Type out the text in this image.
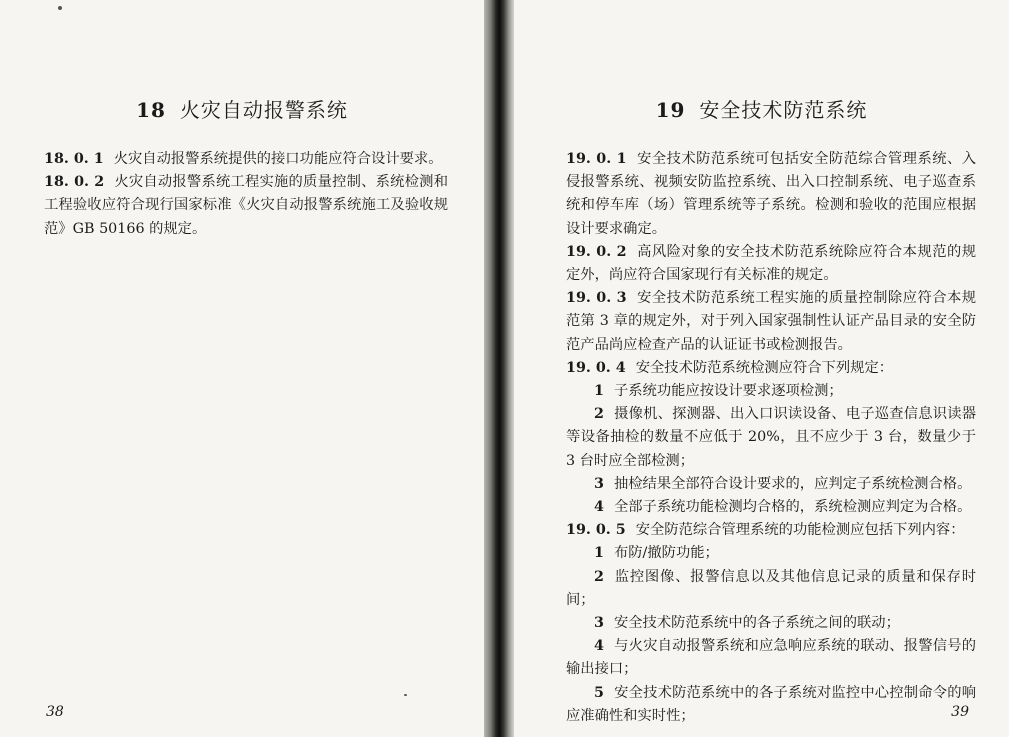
18 火灾自动报警系统

18. 0. 1 火灾自动报警系统提供的接口功能应符合设计要求。

18. 0. 2 火灾自动报警系统工程实施的质量控制、系统检测和工程验收应符合现行国家标准《火灾自动报警系统施工及验收规范》GB 50166 的规定。

38
19 安全技术防范系统

19. 0. 1 安全技术防范系统可包括安全防范综合管理系统、入侵报警系统、视频安防监控系统、出入口控制系统、电子巡查系统和停车库（场）管理系统等子系统。检测和验收的范围应根据设计要求确定。

19. 0. 2 高风险对象的安全技术防范系统除应符合本规范的规定外，尚应符合国家现行有关标准的规定。

19. 0. 3 安全技术防范系统工程实施的质量控制除应符合本规范第 3 章的规定外，对于列入国家强制性认证产品目录的安全防范产品尚应检查产品的认证证书或检测报告。

19. 0. 4 安全技术防范系统检测应符合下列规定：

1 子系统功能应按设计要求逐项检测；

2 摄像机、探测器、出入口识读设备、电子巡查信息识读器等设备抽检的数量不应低于 20%，且不应少于 3 台，数量少于 3 台时应全部检测；

3 抽检结果全部符合设计要求的，应判定子系统检测合格。

4 全部子系统功能检测均合格的，系统检测应判定为合格。

19. 0. 5 安全防范综合管理系统的功能检测应包括下列内容：

1 布防/撤防功能；

2 监控图像、报警信息以及其他信息记录的质量和保存时间；

3 安全技术防范系统中的各子系统之间的联动；

4 与火灾自动报警系统和应急响应系统的联动、报警信号的输出接口；

5 安全技术防范系统中的各子系统对监控中心控制命令的响应准确性和实时性；	39
